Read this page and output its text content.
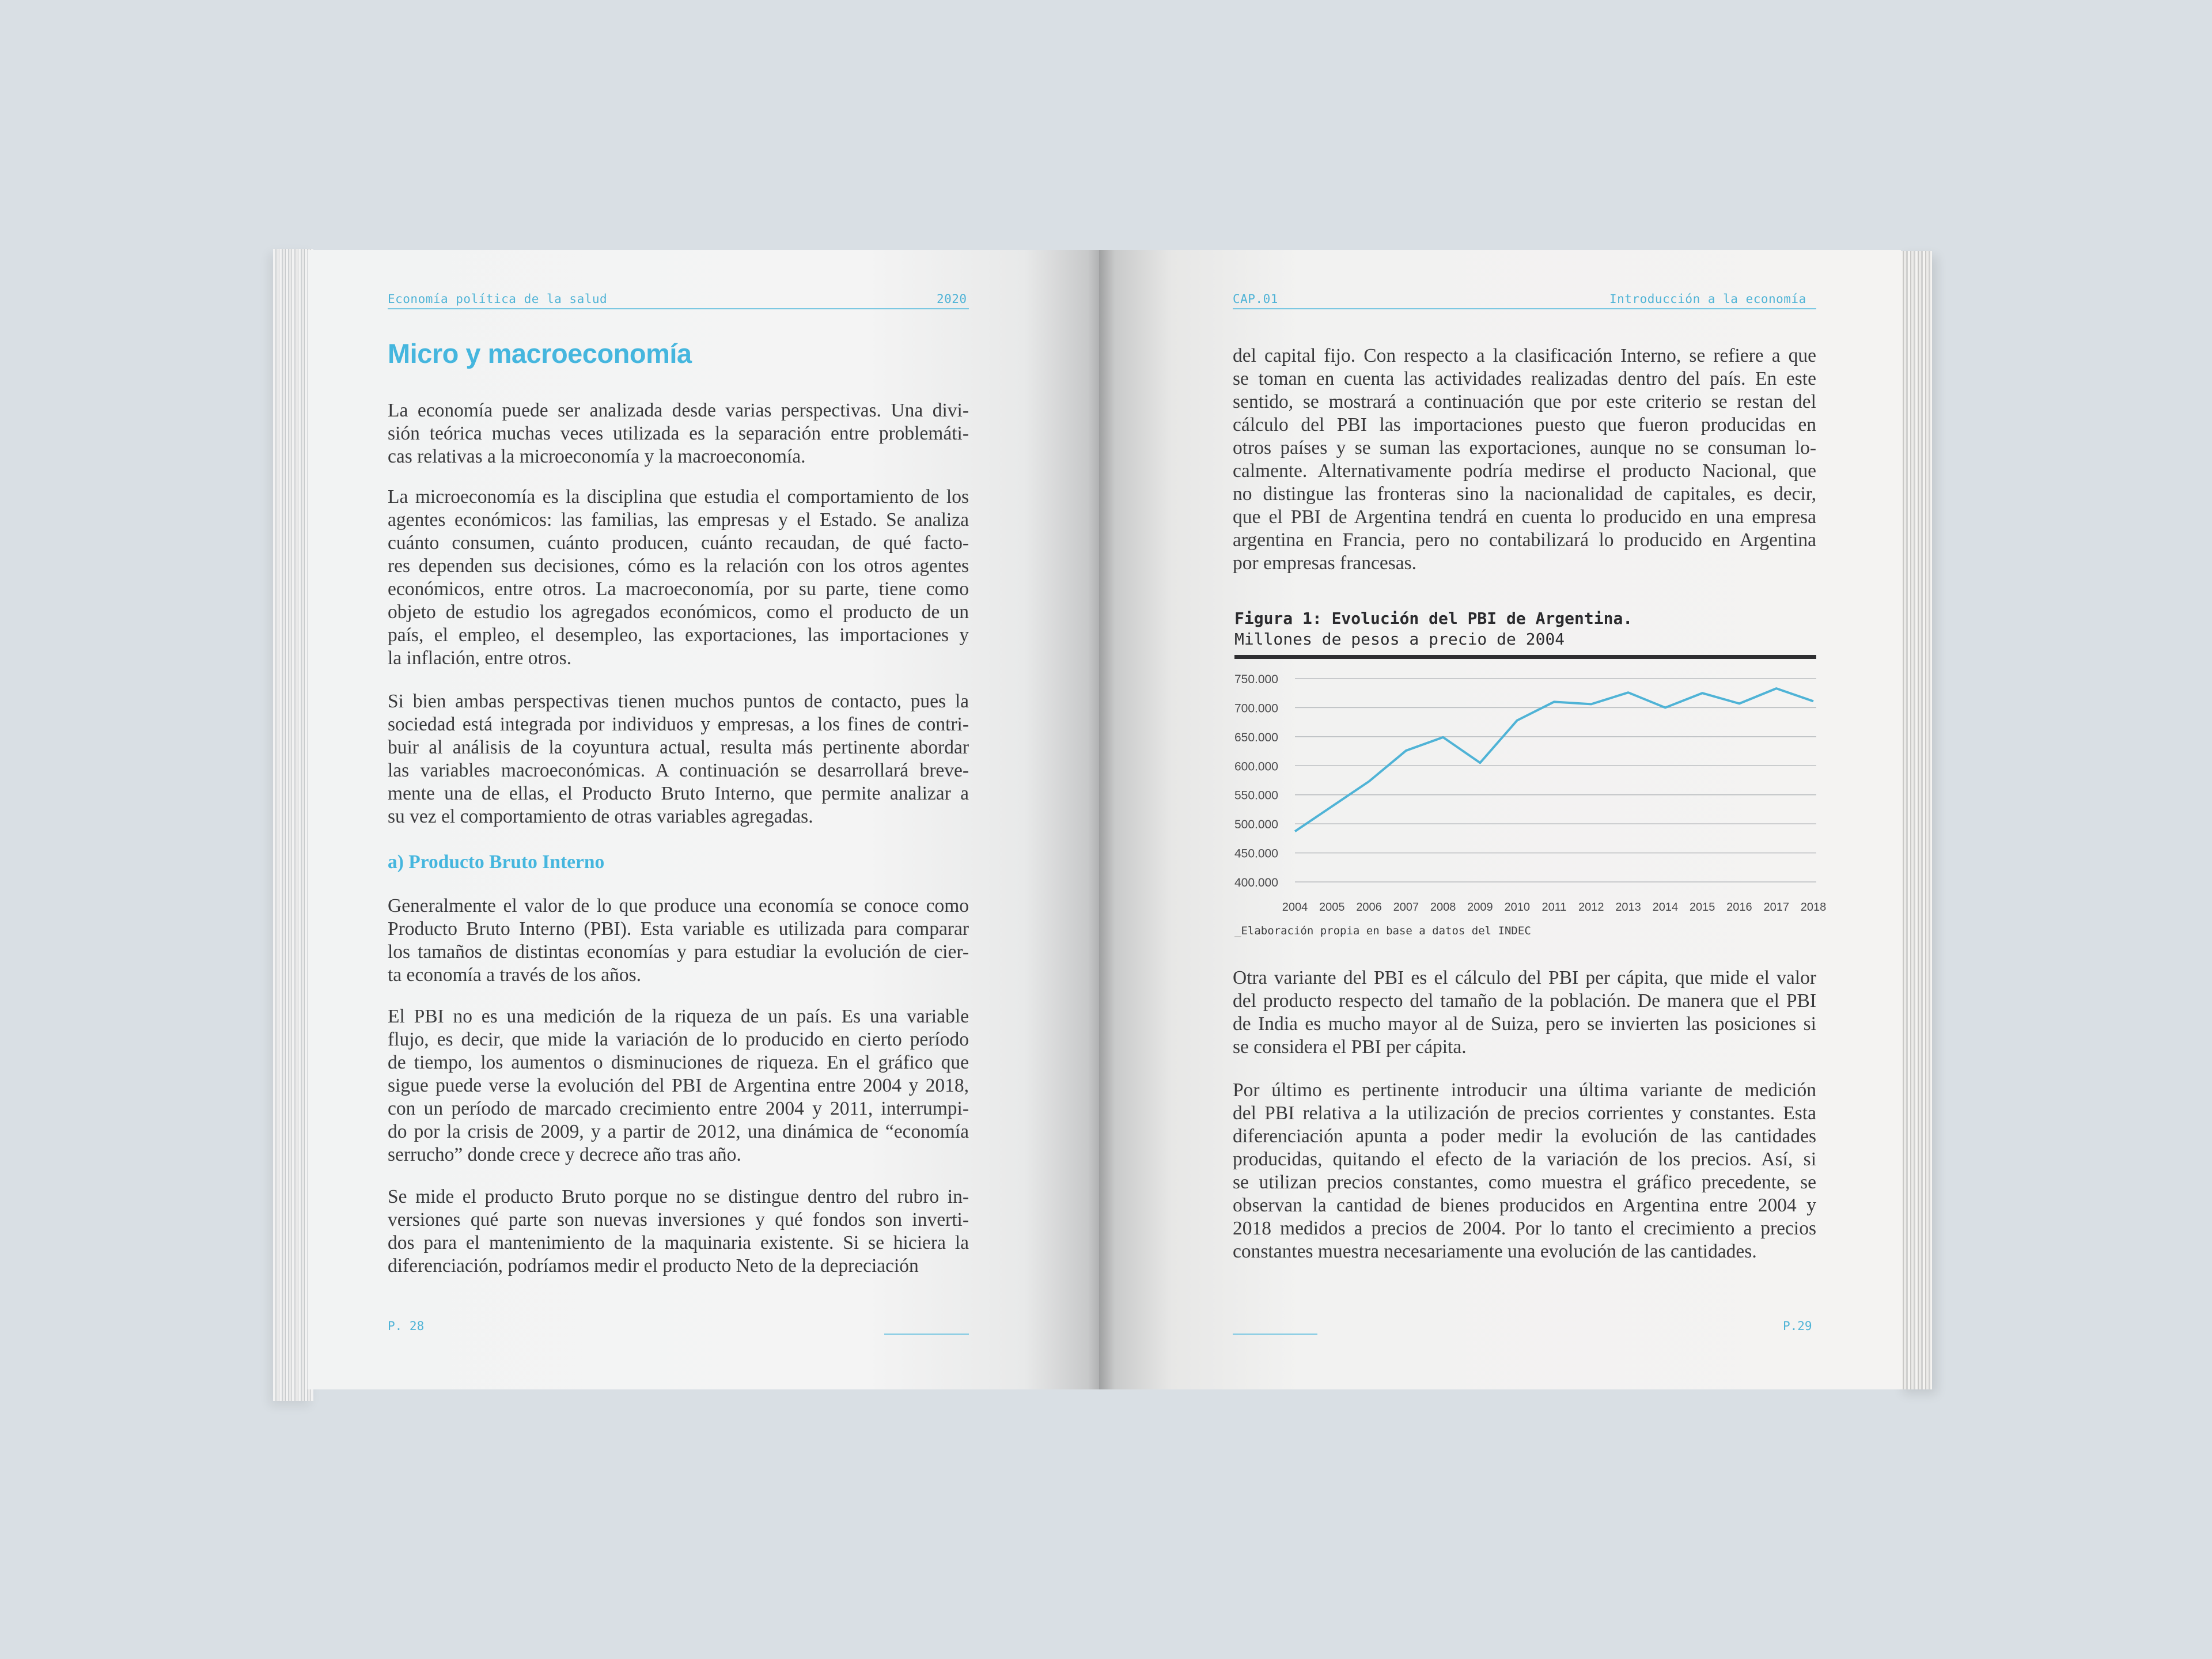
Economía política de la salud	2020	CAP.01	Introducción a la economía
Micro y macroeconomía

La economía puede ser analizada desde varias perspectivas. Una divi-

sión teórica muchas veces utilizada es la separación entre problemáti-

cas relativas a la microeconomía y la macroeconomía.

La microeconomía es la disciplina que estudia el comportamiento de los

agentes económicos: las familias, las empresas y el Estado. Se analiza

cuánto consumen, cuánto producen, cuánto recaudan, de qué facto-

res dependen sus decisiones, cómo es la relación con los otros agentes

económicos, entre otros. La macroeconomía, por su parte, tiene como

objeto de estudio los agregados económicos, como el producto de un

país, el empleo, el desempleo, las exportaciones, las importaciones y

la inflación, entre otros.

Si bien ambas perspectivas tienen muchos puntos de contacto, pues la

sociedad está integrada por individuos y empresas, a los fines de contri-

buir al análisis de la coyuntura actual, resulta más pertinente abordar

las variables macroeconómicas. A continuación se desarrollará breve-

mente una de ellas, el Producto Bruto Interno, que permite analizar a

su vez el comportamiento de otras variables agregadas.

a) Producto Bruto Interno

Generalmente el valor de lo que produce una economía se conoce como

Producto Bruto Interno (PBI). Esta variable es utilizada para comparar

los tamaños de distintas economías y para estudiar la evolución de cier-

ta economía a través de los años.

El PBI no es una medición de la riqueza de un país. Es una variable

flujo, es decir, que mide la variación de lo producido en cierto período

de tiempo, los aumentos o disminuciones de riqueza. En el gráfico que

sigue puede verse la evolución del PBI de Argentina entre 2004 y 2018,

con un período de marcado crecimiento entre 2004 y 2011, interrumpi-

do por la crisis de 2009, y a partir de 2012, una dinámica de “economía

serrucho” donde crece y decrece año tras año.

Se mide el producto Bruto porque no se distingue dentro del rubro in-

versiones qué parte son nuevas inversiones y qué fondos son inverti-

dos para el mantenimiento de la maquinaria existente. Si se hiciera la

diferenciación, podríamos medir el producto Neto de la depreciación

del capital fijo. Con respecto a la clasificación Interno, se refiere a que

se toman en cuenta las actividades realizadas dentro del país. En este

sentido, se mostrará a continuación que por este criterio se restan del

cálculo del PBI las importaciones puesto que fueron producidas en

otros países y se suman las exportaciones, aunque no se consuman lo-

calmente. Alternativamente podría medirse el producto Nacional, que

no distingue las fronteras sino la nacionalidad de capitales, es decir,

que el PBI de Argentina tendrá en cuenta lo producido en una empresa

argentina en Francia, pero no contabilizará lo producido en Argentina

por empresas francesas.

Figura 1: Evolución del PBI de Argentina.
Millones de pesos a precio de 2004
400.000
450.000
500.000
550.000
600.000
650.000
700.000
750.000
2004 2005 2006 2007 2008 2009 2010 2011 2012 2013 2014 2015 2016 2017 2018
_Elaboración propia en base a datos del INDEC

Otra variante del PBI es el cálculo del PBI per cápita, que mide el valor

del producto respecto del tamaño de la población. De manera que el PBI

de India es mucho mayor al de Suiza, pero se invierten las posiciones si

se considera el PBI per cápita.

Por último es pertinente introducir una última variante de medición

del PBI relativa a la utilización de precios corrientes y constantes. Esta

diferenciación apunta a poder medir la evolución de las cantidades

producidas, quitando el efecto de la variación de los precios. Así, si

se utilizan precios constantes, como muestra el gráfico precedente, se

observan la cantidad de bienes producidos en Argentina entre 2004 y

2018 medidos a precios de 2004. Por lo tanto el crecimiento a precios

constantes muestra necesariamente una evolución de las cantidades.

P. 28	P.29
